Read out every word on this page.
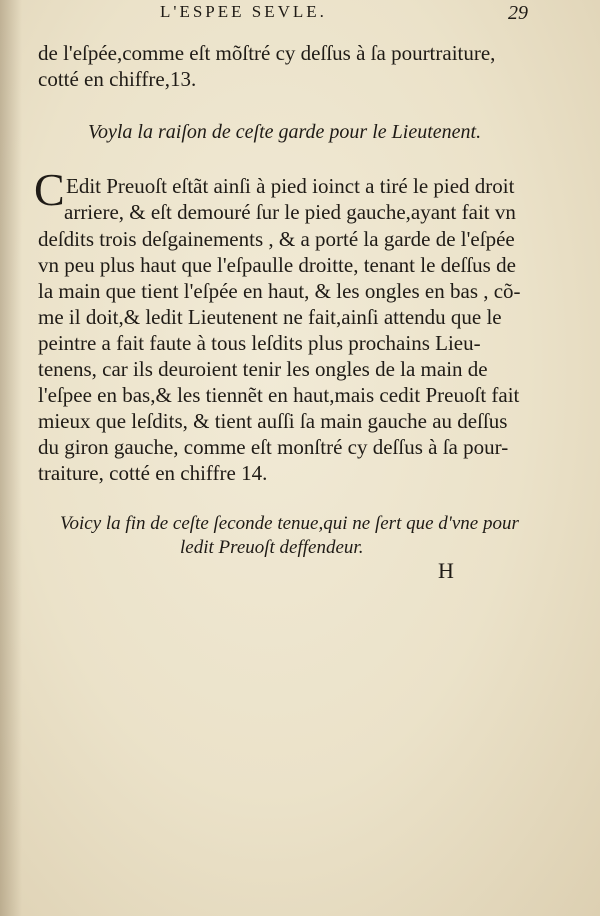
L'ESPEE SEVLE.	29
de l'eſpée,comme eſt mõſtré cy deſſus à ſa pourtraiture,
cotté en chiffre,13.
Voyla la raiſon de ceſte garde pour le Lieutenent.
C Edit Preuoſt eſtãt ainſi à pied ioinct a tiré le pied droit
arriere, & eſt demouré ſur le pied gauche,ayant fait vn
deſdits trois deſgainements , & a porté la garde de l'eſpée
vn peu plus haut que l'eſpaulle droitte, tenant le deſſus de
la main que tient l'eſpée en haut, & les ongles en bas , cõ-
me il doit,& ledit Lieutenent ne fait,ainſi attendu que le
peintre a fait faute à tous leſdits plus prochains Lieu-
tenens, car ils deuroient tenir les ongles de la main de
l'eſpee en bas,& les tiennẽt en haut,mais cedit Preuoſt fait
mieux que leſdits, & tient auſſi ſa main gauche au deſſus
du giron gauche, comme eſt monſtré cy deſſus à ſa pour-
traiture, cotté en chiffre 14.
Voicy la fin de ceſte ſeconde tenue,qui ne ſert que d'vne pour
ledit Preuoſt deffendeur.
H
